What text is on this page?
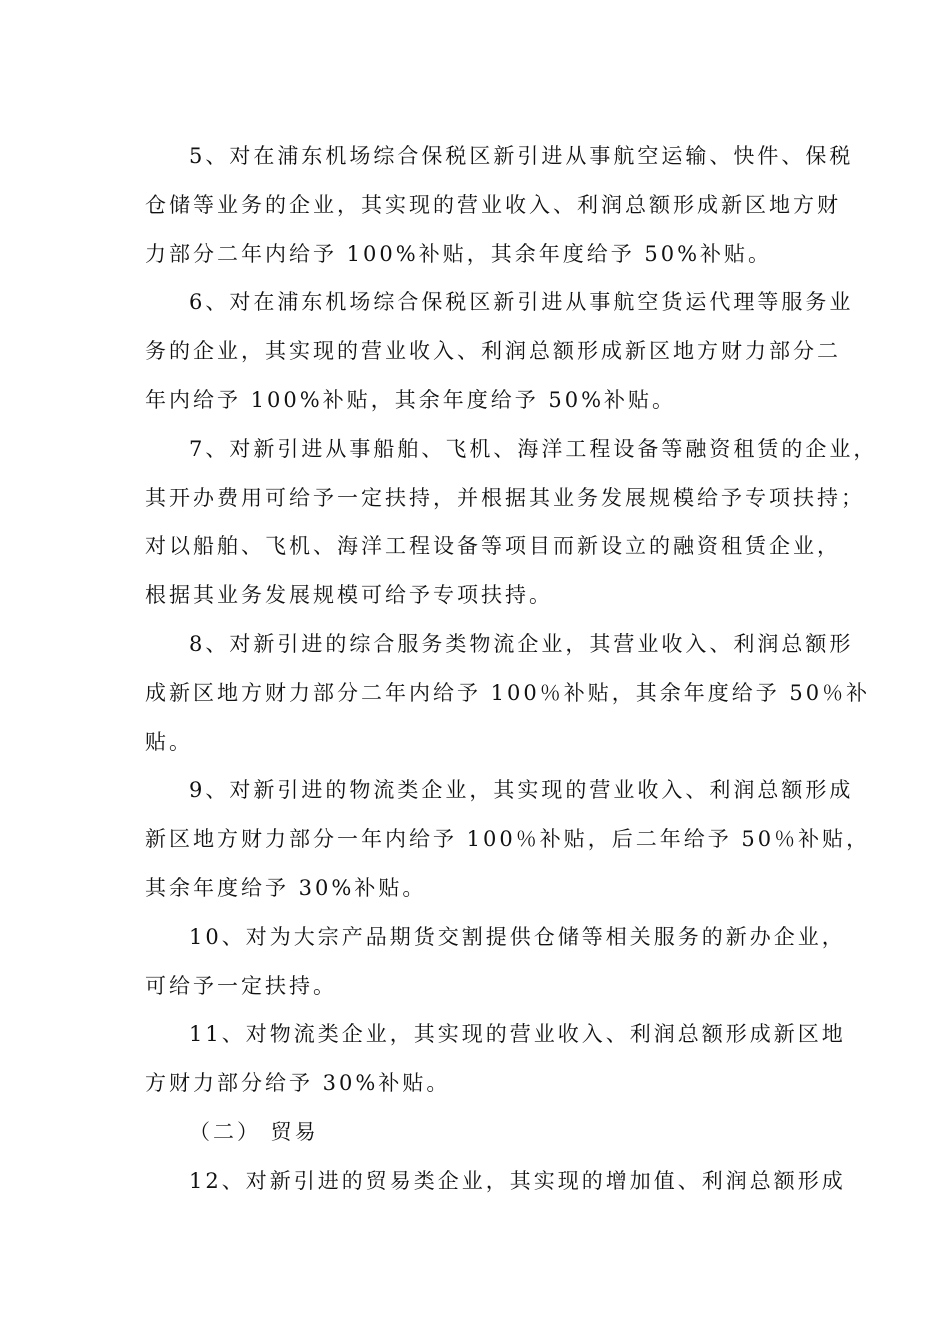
5、对在浦东机场综合保税区新引进从事航空运输、快件、保税
仓储等业务的企业，其实现的营业收入、利润总额形成新区地方财
力部分二年内给予 100%补贴，其余年度给予 50%补贴。
6、对在浦东机场综合保税区新引进从事航空货运代理等服务业
务的企业，其实现的营业收入、利润总额形成新区地方财力部分二
年内给予 100%补贴，其余年度给予 50%补贴。
7、对新引进从事船舶、飞机、海洋工程设备等融资租赁的企业，
其开办费用可给予一定扶持，并根据其业务发展规模给予专项扶持；
对以船舶、飞机、海洋工程设备等项目而新设立的融资租赁企业，
根据其业务发展规模可给予专项扶持。
8、对新引进的综合服务类物流企业，其营业收入、利润总额形
成新区地方财力部分二年内给予 100％补贴，其余年度给予 50％补
贴。
9、对新引进的物流类企业，其实现的营业收入、利润总额形成
新区地方财力部分一年内给予 100％补贴，后二年给予 50％补贴，
其余年度给予 30%补贴。
10、对为大宗产品期货交割提供仓储等相关服务的新办企业，
可给予一定扶持。
11、对物流类企业，其实现的营业收入、利润总额形成新区地
方财力部分给予 30%补贴。
（二） 贸易
12、对新引进的贸易类企业，其实现的增加值、利润总额形成
